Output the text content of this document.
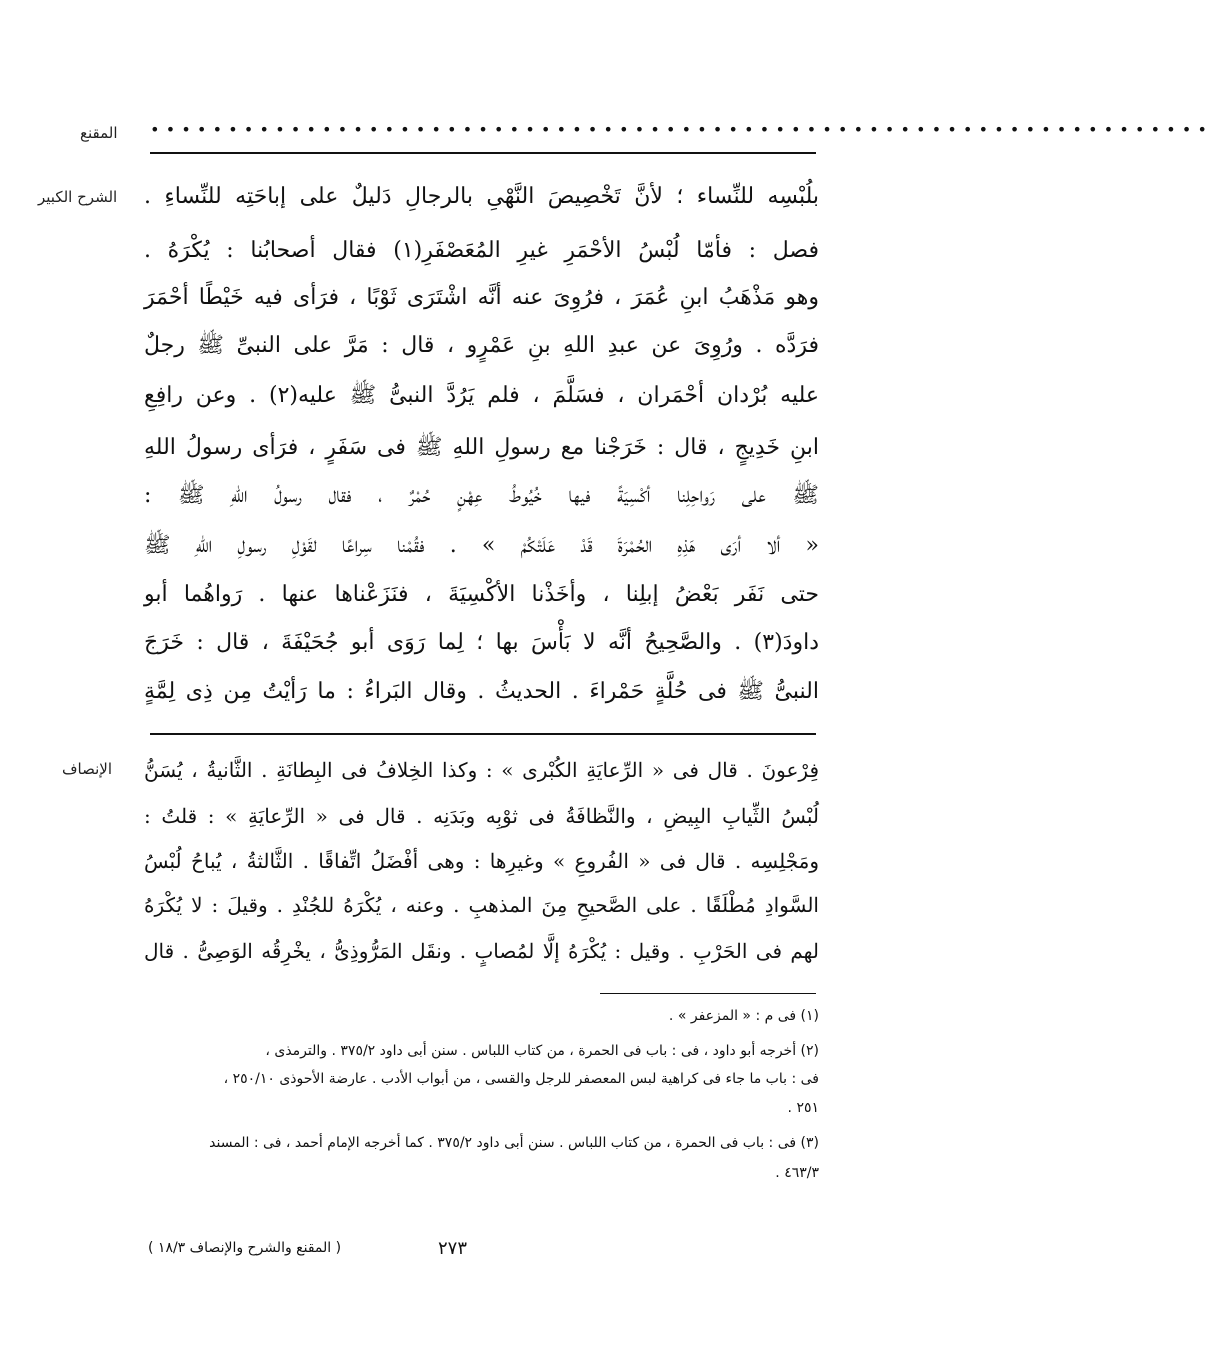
المقنع ••••••••••••••••••••••••••••••••••••••••••••••••••••••••••••••••••••
الشرح الكبير بلُبْسِه للنِّساء ؛ لأنَّ تَخْصِيصَ النَّهْىِ بالرجالِ دَليلٌ على إباحَتِه للنِّساءِ .
فصل : فأمّا لُبْسُ الأحْمَرِ غيرِ المُعَصْفَرِ(١) فقال أصحابُنا : يُكْرَهُ .
وهو مَذْهَبُ ابنِ عُمَرَ ، فرُوِىَ عنه أنَّه اشْتَرَى ثَوْبًا ، فرَأى فيه خَيْطًا أحْمَرَ
فرَدَّه . ورُوِىَ عن عبدِ اللهِ بنِ عَمْرٍو ، قال : مَرَّ على النبىِّ ﷺ رجلٌ
عليه بُرْدان أحْمَران ، فسَلَّمَ ، فلم يَرُدَّ النبىُّ ﷺ عليه(٢) . وعن رافِعِ
ابنِ خَدِيجٍ ، قال : خَرَجْنا مع رسولِ اللهِ ﷺ فى سَفَرٍ ، فرَأى رسولُ اللهِ
ﷺ على رَواحِلِنا أكْسِيَةً فيها خُيُوطُ عِهْنٍ حُمْرٌ ، فقال رسولُ اللهِ ﷺ :
« ألا أرَى هَذِهِ الحُمْرَةَ قَدْ عَلَتْكُمْ » . فقُمْنا سِراعًا لقَوْلِ رسولِ اللهِ ﷺ
حتى نَفَر بَعْضُ إبلِنا ، وأخَذْنا الأكْسِيَةَ ، فنَزَعْناها عنها . رَواهُما أبو
داودَ(٣) . والصَّحِيحُ أنَّه لا بَأْسَ بها ؛ لِما رَوَى أبو جُحَيْفَةَ ، قال : خَرَجَ
النبىُّ ﷺ فى حُلَّةٍ حَمْراءَ . الحديثُ . وقال البَراءُ : ما رَأيْتُ مِن ذِى لِمَّةٍ
الإنصاف فِرْعونَ . قال فى « الرِّعايَةِ الكُبْرى » : وكذا الخِلافُ فى البِطانَةِ . الثَّانيةُ ، يُسَنُّ
لُبْسُ الثِّيابِ البِيضِ ، والنَّظافَةُ فى ثوْبِه وبَدَنِه . قال فى « الرِّعايَةِ » : قلتُ :
ومَجْلِسِه . قال فى « الفُروعِ » وغيرِها : وهى أفْضَلُ اتِّفاقًا . الثَّالثةُ ، يُباحُ لُبْسُ
السَّوادِ مُطْلَقًا . على الصَّحيحِ مِنَ المذهبِ . وعنه ، يُكْرَهُ للجُنْدِ . وقيلَ : لا يُكْرَهُ
لهم فى الحَرْبِ . وقيل : يُكْرَهُ إلَّا لمُصابٍ . ونقَل المَرُّوذِىُّ ، يخْرِقُه الوَصِىُّ . قال
(١) فى م : « المزعفر » .
(٢) أخرجه أبو داود ، فى : باب فى الحمرة ، من كتاب اللباس . سنن أبى داود ٣٧٥/٢ . والترمذى ،
فى : باب ما جاء فى كراهية لبس المعصفر للرجل والقسى ، من أبواب الأدب . عارضة الأحوذى ٢٥٠/١٠ ،
٢٥١ .
(٣) فى : باب فى الحمرة ، من كتاب اللباس . سنن أبى داود ٣٧٥/٢ . كما أخرجه الإمام أحمد ، فى : المسند
٤٦٣/٣ .
٢٧٣
( المقنع والشرح والإنصاف ١٨/٣ )
